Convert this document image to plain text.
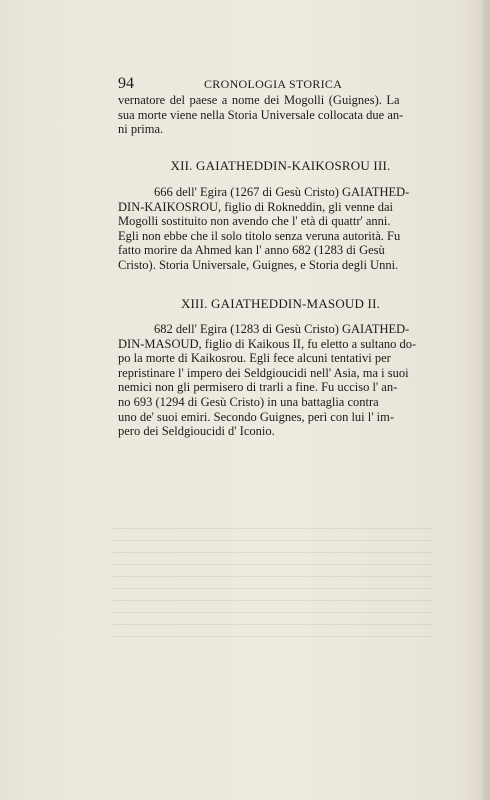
94	CRONOLOGIA STORICA
vernatore del paese a nome dei Mogolli (Guignes). La
sua morte viene nella Storia Universale collocata due an-
ni prima.
XII. GAIATHEDDIN-KAIKOSROU III.
666 dell' Egira (1267 di Gesù Cristo) GAIATHED-
DIN-KAIKOSROU, figlio di Rokneddin, gli venne dai
Mogolli sostituito non avendo che l' età di quattr' anni.
Egli non ebbe che il solo titolo senza veruna autorità. Fu
fatto morire da Ahmed kan l' anno 682 (1283 di Gesù
Cristo). Storia Universale, Guignes, e Storia degli Unni.
XIII. GAIATHEDDIN-MASOUD II.
682 dell' Egira (1283 di Gesù Cristo) GAIATHED-
DIN-MASOUD, figlio di Kaikous II, fu eletto a sultano do-
po la morte di Kaikosrou. Egli fece alcuni tentativi per
repristinare l' impero dei Seldgioucidi nell' Asia, ma i suoi
nemici non gli permisero di trarli a fine. Fu ucciso l' an-
no 693 (1294 di Gesù Cristo) in una battaglia contra
uno de' suoi emiri. Secondo Guignes, perì con lui l' im-
pero dei Seldgioucidi d' Iconio.
